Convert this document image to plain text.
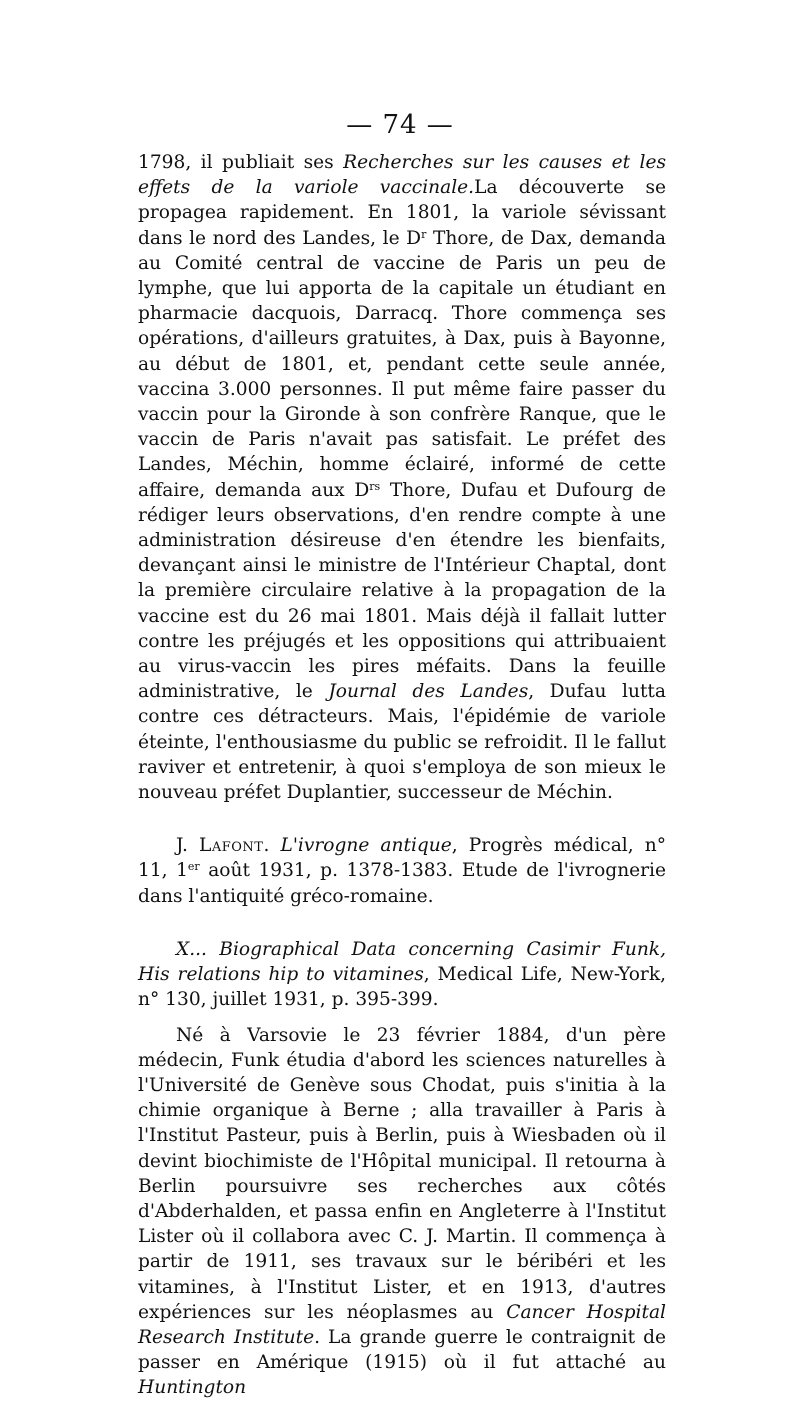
— 74 —

1798, il publiait ses Recherches sur les causes et les effets de la variole vaccinale.La découverte se propagea rapidement. En 1801, la variole sévissant dans le nord des Landes, le $D^r$ Thore, de Dax, demanda au Comité central de vaccine de Paris un peu de lymphe, que lui apporta de la capitale un étudiant en pharmacie dacquois, Darracq. Thore commença ses opérations, d'ailleurs gratuites, à Dax, puis à Bayonne, au début de 1801, et, pendant cette seule année, vaccina 3.000 personnes. Il put même faire passer du vaccin pour la Gironde à son confrère Ranque, que le vaccin de Paris n'avait pas satisfait. Le préfet des Landes, Méchin, homme éclairé, informé de cette affaire, demanda aux $D^{rs}$ Thore, Dufau et Dufourg de rédiger leurs observations, d'en rendre compte à une administration désireuse d'en étendre les bienfaits, devançant ainsi le ministre de l'Intérieur Chaptal, dont la première circulaire relative à la propagation de la vaccine est du 26 mai 1801. Mais déjà il fallait lutter contre les préjugés et les oppositions qui attribuaient au virus-vaccin les pires méfaits. Dans la feuille administrative, le Journal des Landes, Dufau lutta contre ces détracteurs. Mais, l'épidémie de variole éteinte, l'enthousiasme du public se refroidit. Il le fallut raviver et entretenir, à quoi s'employa de son mieux le nouveau préfet Duplantier, successeur de Méchin.

J. Lafont. L'ivrogne antique, Progrès médical, n° 11, 1er août 1931, p. 1378-1383. Etude de l'ivrognerie dans l'antiquité gréco-romaine.

X... Biographical Data concerning Casimir Funk, His relations hip to vitamines, Medical Life, New-York, n° 130, juillet 1931, p. 395-399.

Né à Varsovie le 23 février 1884, d'un père médecin, Funk étudia d'abord les sciences naturelles à l'Université de Genève sous Chodat, puis s'initia à la chimie organique à Berne ; alla travailler à Paris à l'Institut Pasteur, puis à Berlin, puis à Wiesbaden où il devint biochimiste de l'Hôpital municipal. Il retourna à Berlin poursuivre ses recherches aux côtés d'Abderhalden, et passa enfin en Angleterre à l'Institut Lister où il collabora avec C. J. Martin. Il commença à partir de 1911, ses travaux sur le béribéri et les vitamines, à l'Institut Lister, et en 1913, d'autres expériences sur les néoplasmes au Cancer Hospital Research Institute. La grande guerre le contraignit de passer en Amérique (1915) où il fut attaché au Huntington
